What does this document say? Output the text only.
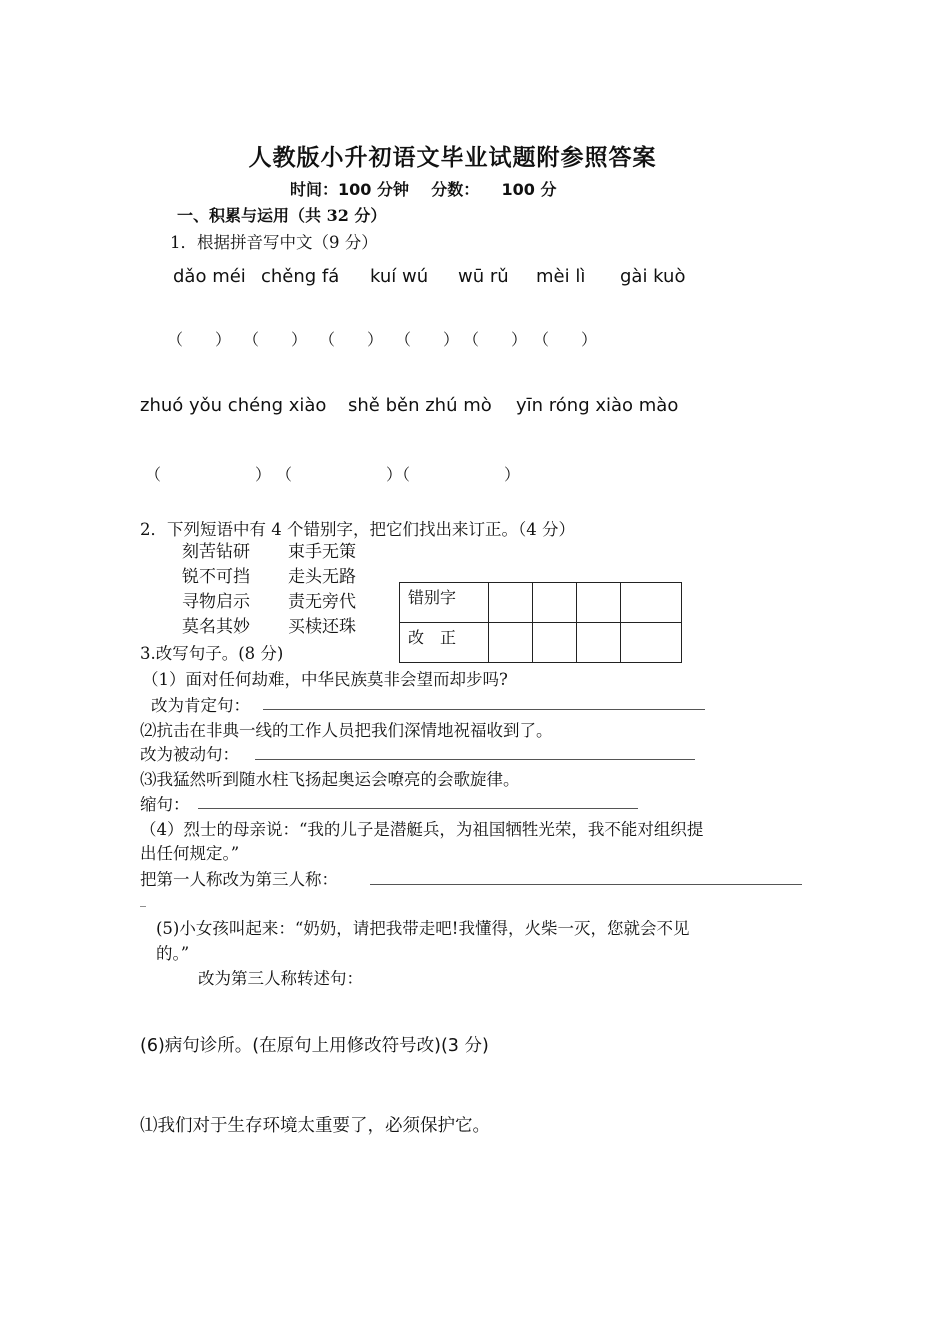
人教版小升初语文毕业试题附参照答案
时间：100 分钟    分数：    100 分
一、积累与运用（共 32 分）
1．根据拼音写中文（9 分）
dǎo méi chěng fá kuí wú wū rǔ mèi lì gài kuò
（　　） （　　） （　　） （　　） （　　） （　　）
zhuó yǒu chéng xiào shě běn zhú mò yīn róng xiào mào
（　　　　）
（　　　　）
（　　　　）
2．下列短语中有 4 个错别字，把它们找出来订正。（4 分）
刻苦钻研 束手无策
锐不可挡 走头无路
寻物启示 责无旁代
莫名其妙 买椟还珠
错别字				
改　正				
3.改写句子。(8 分)
（1）面对任何劫难，中华民族莫非会望而却步吗?
改为肯定句：
⑵抗击在非典一线的工作人员把我们深情地祝福收到了。
改为被动句：
⑶我猛然听到随水柱飞扬起奥运会嘹亮的会歌旋律。
缩句：
（4）烈士的母亲说：“我的儿子是潜艇兵，为祖国牺牲光荣，我不能对组织提
出任何规定。”
把第一人称改为第三人称：
_
(5)小女孩叫起来：“奶奶，请把我带走吧!我懂得，火柴一灭，您就会不见
的。”
改为第三人称转述句：
(6)病句诊所。(在原句上用修改符号改)(3 分)
⑴我们对于生存环境太重要了，必须保护它。
